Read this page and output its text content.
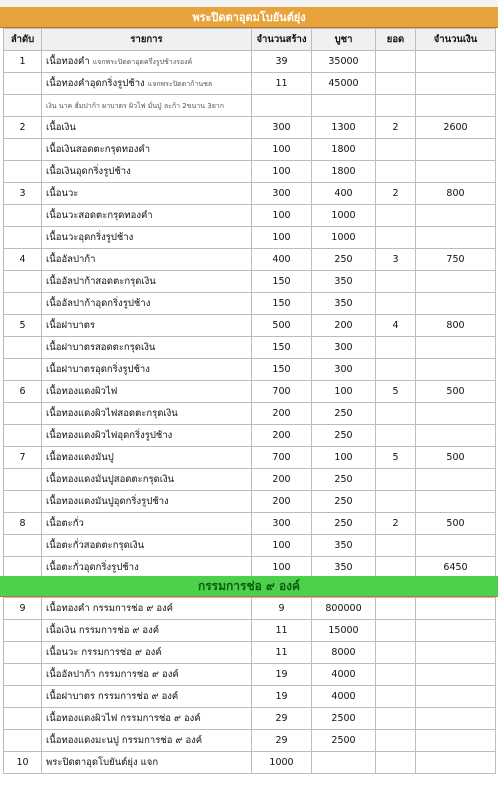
พระปิดตาอุดมโบยันต์ยุ่ง
ลำดับ	รายการ	จำนวนสร้าง	บูชา	ยอด	จำนวนเงิน
1	เนื้อทองคำ แจกพระปิดตาอุดครึ่งรูปช้างรองค์	39	35000		
	เนื้อทองคำอุดกริ่งรูปช้าง แจกพระปิดตาก้านชล	11	45000		
	เงิน นาค ฮั่มปาก้า ผาบาตร ผิวไฟ มั่นปู่ ละก้า 2ขนาน 3ยาก				
2	เนื้อเงิน	300	1300	2	2600
	เนื้อเงินสอดตะกรุดทองคำ	100	1800		
	เนื้อเงินอุดกริ่งรูปช้าง	100	1800		
3	เนื้อนวะ	300	400	2	800
	เนื้อนวะสอดตะกรุดทองคำ	100	1000		
	เนื้อนวะอุดกริ่งรูปช้าง	100	1000		
4	เนื้ออัลปาก้า	400	250	3	750
	เนื้ออัลปาก้าสอดตะกรุดเงิน	150	350		
	เนื้ออัลปาก้าอุดกริ่งรูปช้าง	150	350		
5	เนื้อฝาบาตร	500	200	4	800
	เนื้อฝาบาตรสอดตะกรุดเงิน	150	300		
	เนื้อฝาบาตรอุดกริ่งรูปช้าง	150	300		
6	เนื้อทองแดงผิวไฟ	700	100	5	500
	เนื้อทองแดงผิวไฟสอดตะกรุดเงิน	200	250		
	เนื้อทองแดงผิวไฟอุดกริ่งรูปช้าง	200	250		
7	เนื้อทองแดงมันปู	700	100	5	500
	เนื้อทองแดงมันปูสอดตะกรุดเงิน	200	250		
	เนื้อทองแดงมันปูอุดกริ่งรูปช้าง	200	250		
8	เนื้อตะกั่ว	300	250	2	500
	เนื้อตะกั่วสอดตะกรุดเงิน	100	350		
	เนื้อตะกั่วอุดกริ่งรูปช้าง	100	350		6450
กรรมการช่อ ๙ องค์
9	เนื้อทองคำ กรรมการช่อ ๙ องค์	9	800000		
	เนื้อเงิน กรรมการช่อ ๙ องค์	11	15000		
	เนื้อนวะ กรรมการช่อ ๙ องค์	11	8000		
	เนื้ออัลปาก้า กรรมการช่อ ๙ องค์	19	4000		
	เนื้อฝาบาตร กรรมการช่อ ๙ องค์	19	4000		
	เนื้อทองแดงผิวไฟ กรรมการช่อ ๙ องค์	29	2500		
	เนื้อทองแดงมะนปู กรรมการช่อ ๙ องค์	29	2500		
10	พระปิดตาอุดโบยันต์ยุ่ง แจก	1000			
